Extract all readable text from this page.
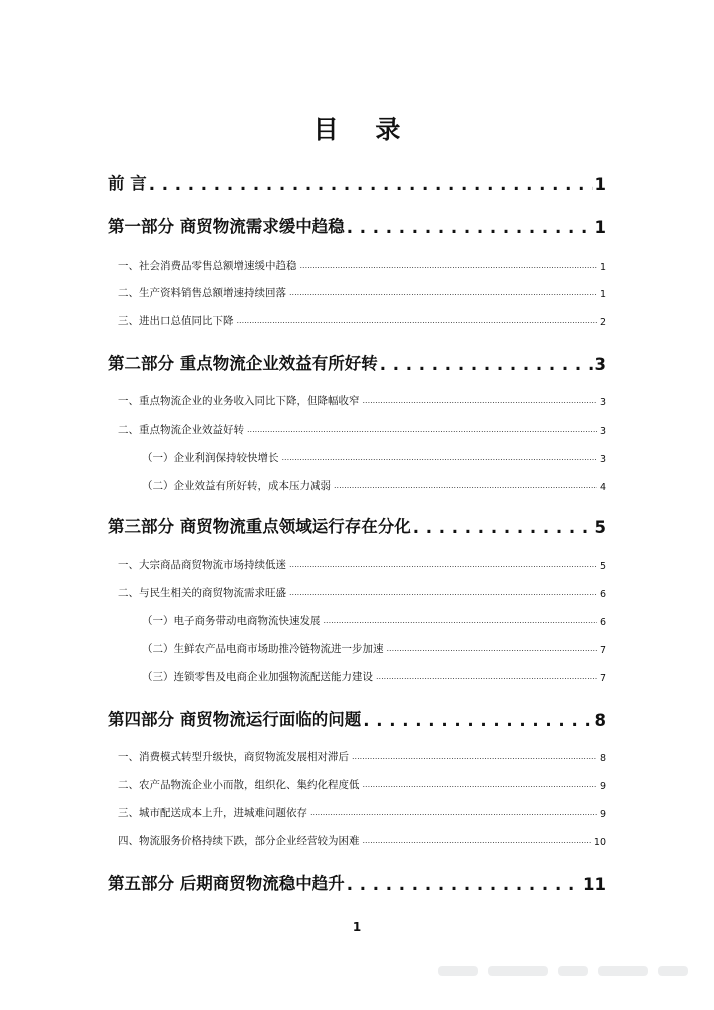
目 录
前 言 . . .	1
第一部分 商贸物流需求缓中趋稳 . . .	1
一、社会消费品零售总额增速缓中趋稳 .....	1
二、生产资料销售总额增速持续回落 .....	1
三、进出口总值同比下降 .....	2
第二部分 重点物流企业效益有所好转 . . .	3
一、重点物流企业的业务收入同比下降，但降幅收窄 .....	3
二、重点物流企业效益好转 .....	3
（一）企业利润保持较快增长 .....	3
（二）企业效益有所好转，成本压力减弱 .....	4
第三部分 商贸物流重点领域运行存在分化 . . .	5
一、大宗商品商贸物流市场持续低迷 .....	5
二、与民生相关的商贸物流需求旺盛 .....	6
（一）电子商务带动电商物流快速发展 .....	6
（二）生鲜农产品电商市场助推冷链物流进一步加速 .....	7
（三）连锁零售及电商企业加强物流配送能力建设 .....	7
第四部分 商贸物流运行面临的问题 . . .	8
一、消费模式转型升级快，商贸物流发展相对滞后 .....	8
二、农产品物流企业小而散，组织化、集约化程度低 .....	9
三、城市配送成本上升，进城难问题依存 .....	9
四、物流服务价格持续下跌，部分企业经营较为困难 .....	10
第五部分 后期商贸物流稳中趋升 . . .	11
1
